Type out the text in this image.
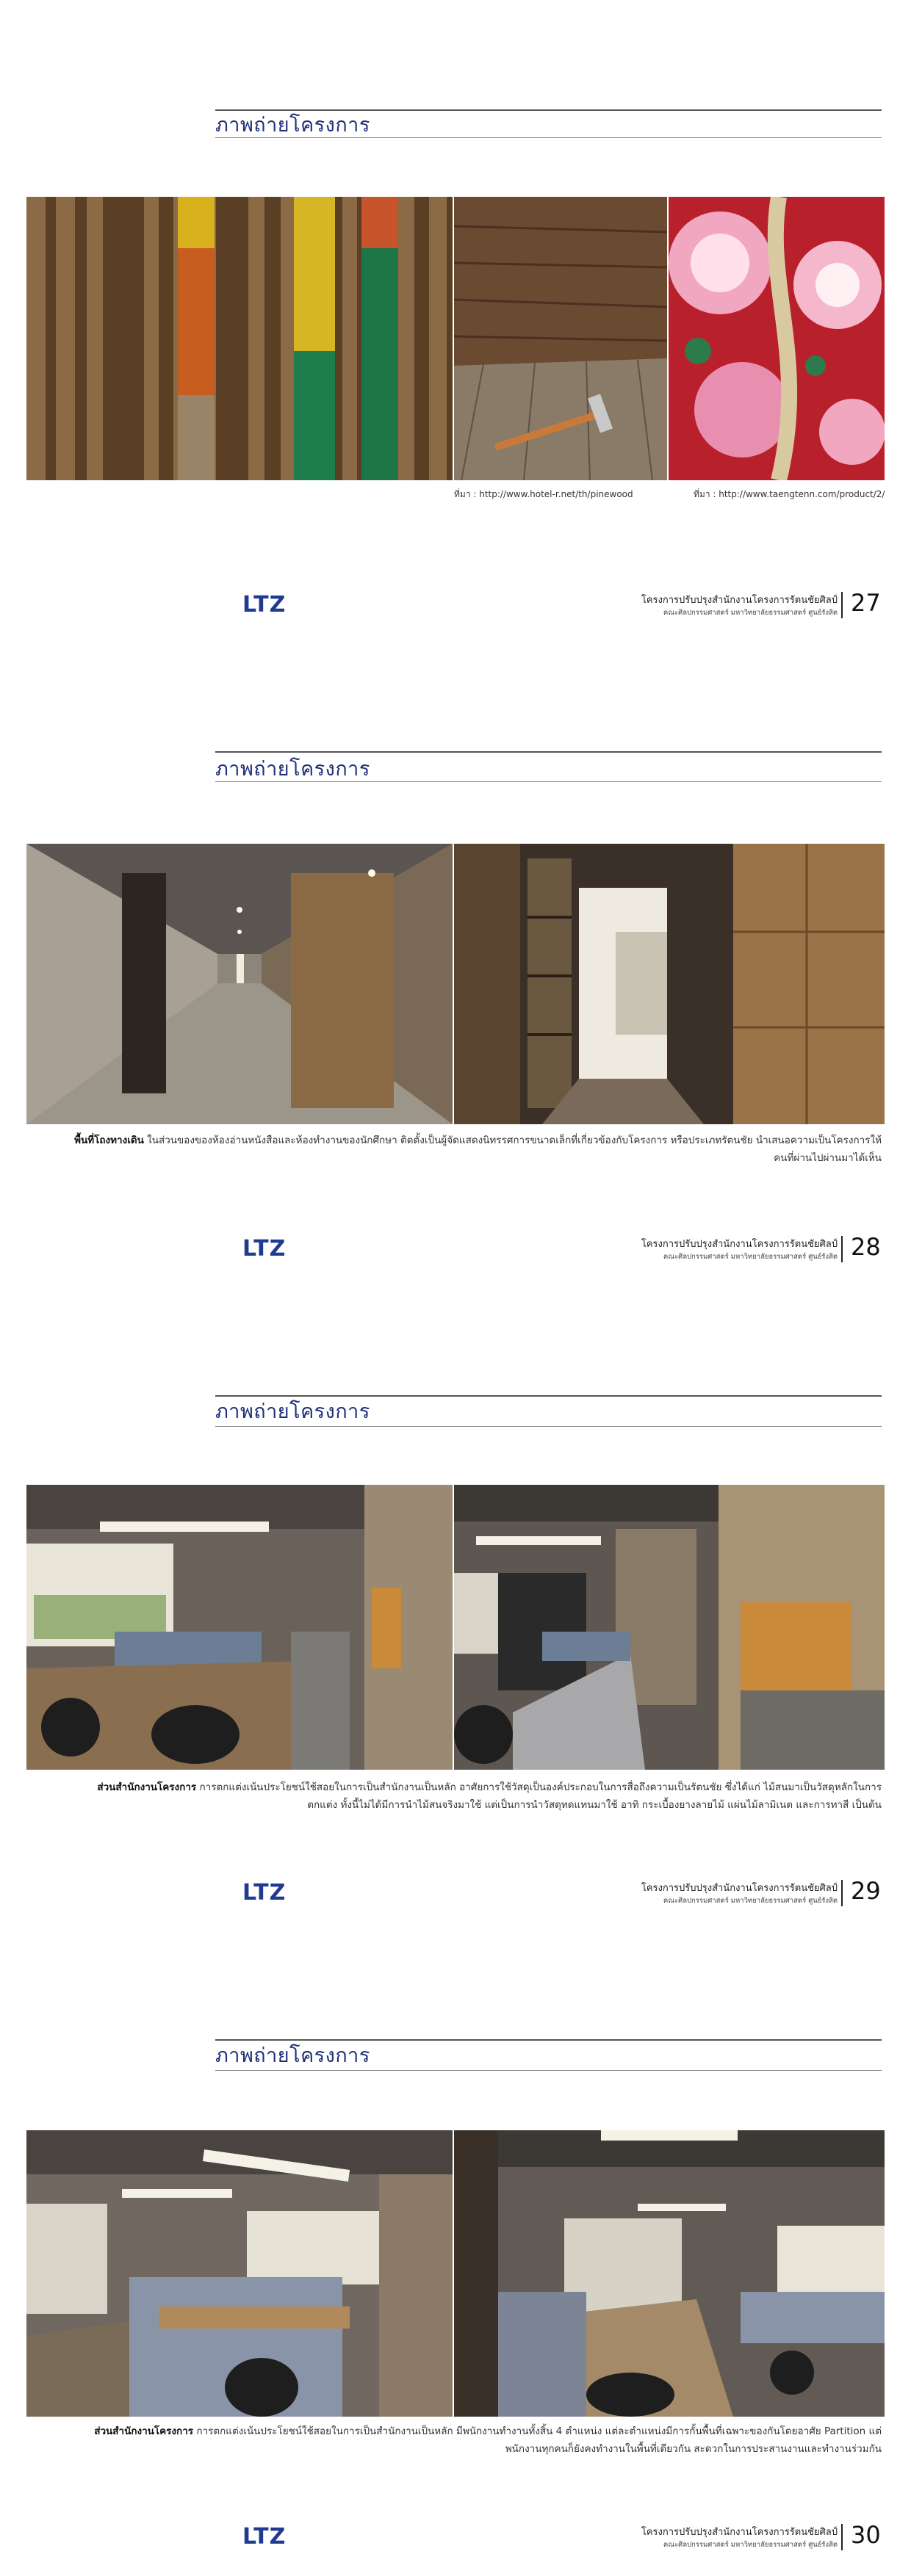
ภาพถ่ายโครงการ
ที่มา : http://www.hotel-r.net/th/pinewood	ที่มา : http://www.taengtenn.com/product/2/
LTZ	โครงการปรับปรุงสำนักงานโครงการรัตนชัยศิลป์
คณะศิลปกรรมศาสตร์ มหาวิทยาลัยธรรมศาสตร์ ศูนย์รังสิต 27
ภาพถ่ายโครงการ
พื้นที่โถงทางเดิน ในส่วนของของห้องอ่านหนังสือและห้องทำงานของนักศึกษา ติดตั้งเป็นผู้จัดแสดงนิทรรศการขนาดเล็กที่เกี่ยวข้องกับโครงการ หรือประเภทรัตนชัย นำเสนอความเป็นโครงการให้คนที่ผ่านไปผ่านมาได้เห็น
LTZ	โครงการปรับปรุงสำนักงานโครงการรัตนชัยศิลป์
คณะศิลปกรรมศาสตร์ มหาวิทยาลัยธรรมศาสตร์ ศูนย์รังสิต 28
ภาพถ่ายโครงการ
ส่วนสำนักงานโครงการ การตกแต่งเน้นประโยชน์ใช้สอยในการเป็นสำนักงานเป็นหลัก อาศัยการใช้วัสดุเป็นองค์ประกอบในการสื่อถึงความเป็นรัตนชัย ซึ่งได้แก่ ไม้สนมาเป็นวัสดุหลักในการตกแต่ง ทั้งนี้ไม่ได้มีการนำไม้สนจริงมาใช้ แต่เป็นการนำวัสดุทดแทนมาใช้ อาทิ กระเบื้องยางลายไม้ แผ่นไม้ลามิเนต และการทาสี เป็นต้น
LTZ	โครงการปรับปรุงสำนักงานโครงการรัตนชัยศิลป์
คณะศิลปกรรมศาสตร์ มหาวิทยาลัยธรรมศาสตร์ ศูนย์รังสิต 29
ภาพถ่ายโครงการ
ส่วนสำนักงานโครงการ การตกแต่งเน้นประโยชน์ใช้สอยในการเป็นสำนักงานเป็นหลัก มีพนักงานทำงานทั้งสิ้น 4 ตำแหน่ง แต่ละตำแหน่งมีการกั้นพื้นที่เฉพาะของกันโดยอาศัย Partition แต่พนักงานทุกคนก็ยังคงทำงานในพื้นที่เดียวกัน สะดวกในการประสานงานและทำงานร่วมกัน
LTZ	โครงการปรับปรุงสำนักงานโครงการรัตนชัยศิลป์
คณะศิลปกรรมศาสตร์ มหาวิทยาลัยธรรมศาสตร์ ศูนย์รังสิต 30
